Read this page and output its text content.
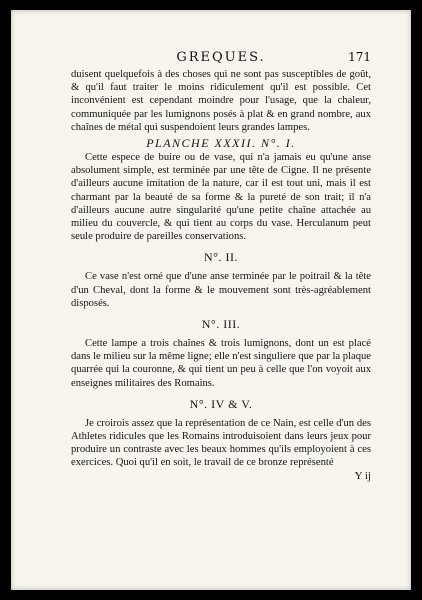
GREQUES.	171

duisent quelquefois à des choses qui ne sont pas susceptibles de goût, & qu'il faut traiter le moins ridiculement qu'il est possible. Cet inconvénient est cependant moindre pour l'usage, que la chaleur, communiquée par les lumignons posés à plat & en grand nombre, aux chaînes de métal qui suspendoient leurs grandes lampes.

PLANCHE XXXII. N°. I.

Cette espece de buire ou de vase, qui n'a jamais eu qu'une anse absolument simple, est terminée par une tête de Cigne. Il ne présente d'ailleurs aucune imitation de la nature, car il est tout uni, mais il est charmant par la beauté de sa forme & la pureté de son trait; il n'a d'ailleurs aucune autre singularité qu'une petite chaîne attachée au milieu du couvercle, & qui tient au corps du vase. Herculanum peut seule produire de pareilles conservations.

N°. II.

Ce vase n'est orné que d'une anse terminée par le poitrail & la tête d'un Cheval, dont la forme & le mouvement sont très-agréablement disposés.

N°. III.

Cette lampe a trois chaînes & trois lumignons, dont un est placé dans le milieu sur la même ligne; elle n'est singuliere que par la plaque quarrée qui la couronne, & qui tient un peu à celle que l'on voyoit aux enseignes militaires des Romains.

N°. IV & V.

Je croirois assez que la représentation de ce Nain, est celle d'un des Athletes ridicules que les Romains introduisoient dans leurs jeux pour produire un contraste avec les beaux hommes qu'ils employoient à ces exercices. Quoi qu'il en soit, le travail de ce bronze représenté

Y ij
